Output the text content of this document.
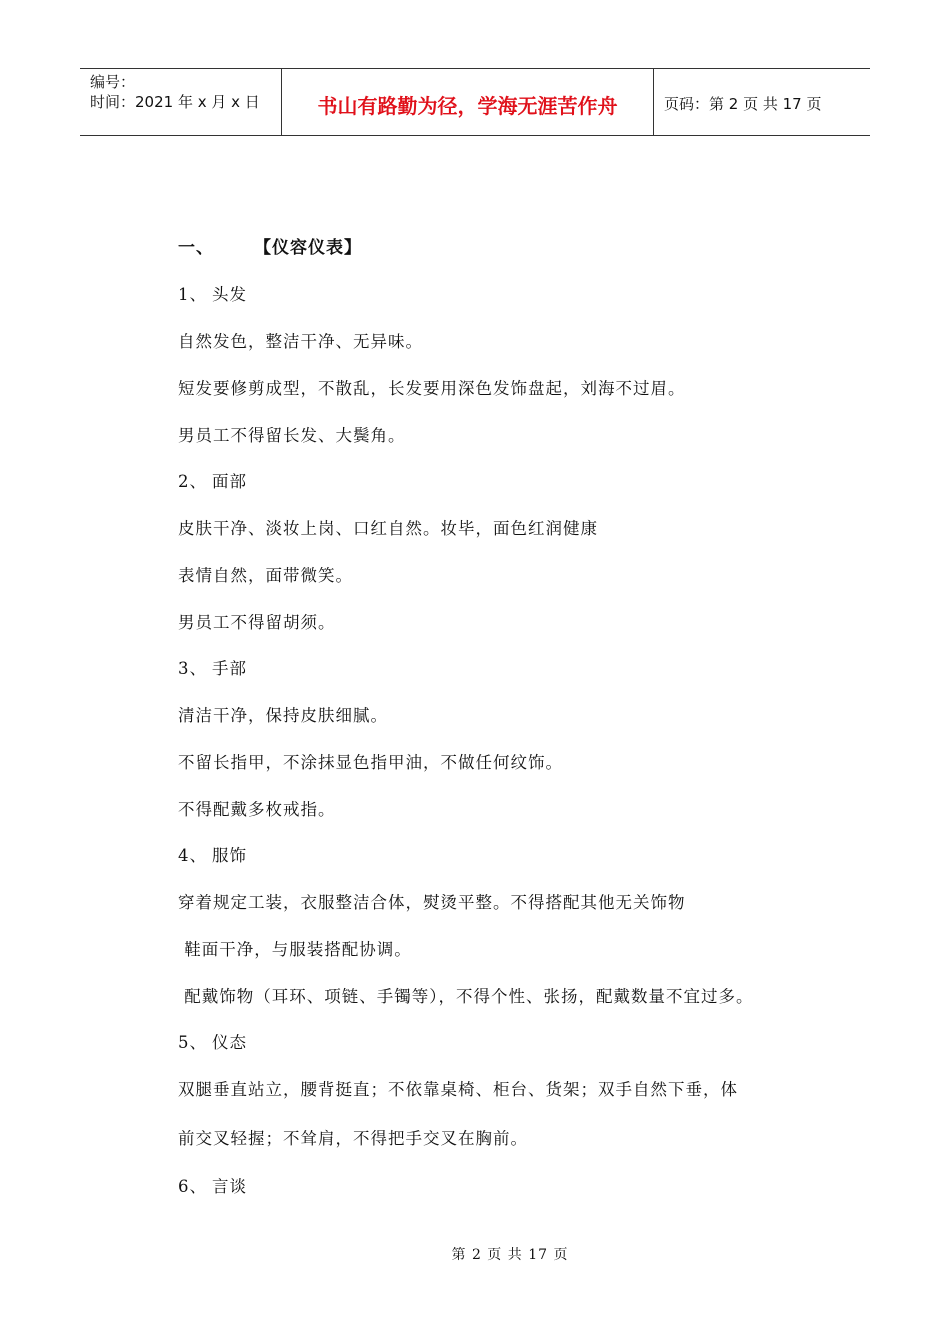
编号：
时间：2021 年 x 月 x 日	书山有路勤为径，学海无涯苦作舟	页码：第 2 页 共 17 页
一、 【仪容仪表】
1、 头发
自然发色，整洁干净、无异味。
短发要修剪成型，不散乱，长发要用深色发饰盘起，刘海不过眉。
男员工不得留长发、大鬓角。
2、 面部
皮肤干净、淡妆上岗、口红自然。妆毕，面色红润健康
表情自然，面带微笑。
男员工不得留胡须。
3、 手部
清洁干净，保持皮肤细腻。
不留长指甲，不涂抹显色指甲油，不做任何纹饰。
不得配戴多枚戒指。
4、 服饰
穿着规定工装，衣服整洁合体，熨烫平整。不得搭配其他无关饰物
鞋面干净，与服装搭配协调。
配戴饰物（耳环、项链、手镯等），不得个性、张扬，配戴数量不宜过多。
5、 仪态
双腿垂直站立，腰背挺直；不依靠桌椅、柜台、货架；双手自然下垂，体
前交叉轻握；不耸肩，不得把手交叉在胸前。
6、 言谈
第 2 页 共 17 页
